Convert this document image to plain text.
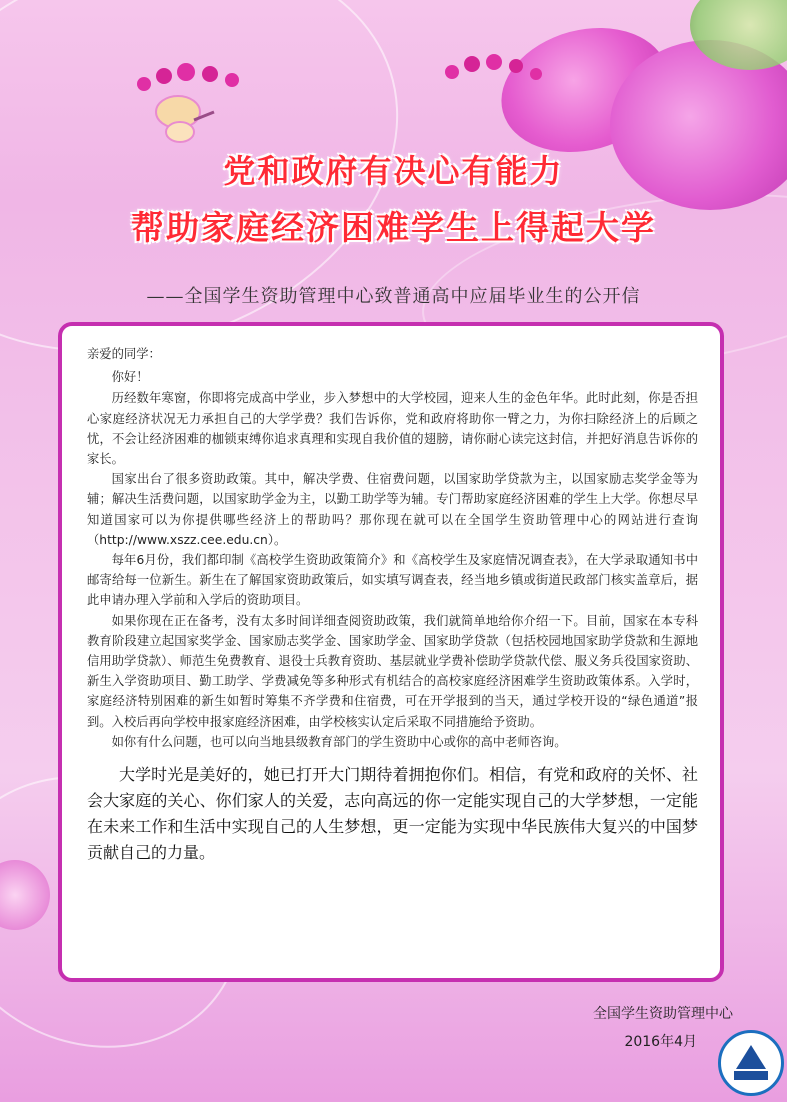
党和政府有决心有能力
帮助家庭经济困难学生上得起大学
——全国学生资助管理中心致普通高中应届毕业生的公开信

亲爱的同学：

你好！

历经数年寒窗，你即将完成高中学业，步入梦想中的大学校园，迎来人生的金色年华。此时此刻，你是否担心家庭经济状况无力承担自己的大学学费？我们告诉你，党和政府将助你一臂之力，为你扫除经济上的后顾之忧，不会让经济困难的枷锁束缚你追求真理和实现自我价值的翅膀，请你耐心读完这封信，并把好消息告诉你的家长。

国家出台了很多资助政策。其中，解决学费、住宿费问题，以国家助学贷款为主，以国家励志奖学金等为辅；解决生活费问题，以国家助学金为主，以勤工助学等为辅。专门帮助家庭经济困难的学生上大学。你想尽早知道国家可以为你提供哪些经济上的帮助吗？那你现在就可以在全国学生资助管理中心的网站进行查询（http://www.xszz.cee.edu.cn）。

每年6月份，我们都印制《高校学生资助政策简介》和《高校学生及家庭情况调查表》，在大学录取通知书中邮寄给每一位新生。新生在了解国家资助政策后，如实填写调查表，经当地乡镇或街道民政部门核实盖章后，据此申请办理入学前和入学后的资助项目。

如果你现在正在备考，没有太多时间详细查阅资助政策，我们就简单地给你介绍一下。目前，国家在本专科教育阶段建立起国家奖学金、国家励志奖学金、国家助学金、国家助学贷款（包括校园地国家助学贷款和生源地信用助学贷款）、师范生免费教育、退役士兵教育资助、基层就业学费补偿助学贷款代偿、服义务兵役国家资助、新生入学资助项目、勤工助学、学费减免等多种形式有机结合的高校家庭经济困难学生资助政策体系。入学时，家庭经济特别困难的新生如暂时筹集不齐学费和住宿费，可在开学报到的当天，通过学校开设的“绿色通道”报到。入校后再向学校申报家庭经济困难，由学校核实认定后采取不同措施给予资助。

如你有什么问题，也可以向当地县级教育部门的学生资助中心或你的高中老师咨询。

大学时光是美好的，她已打开大门期待着拥抱你们。相信，有党和政府的关怀、社会大家庭的关心、你们家人的关爱，志向高远的你一定能实现自己的大学梦想，一定能在未来工作和生活中实现自己的人生梦想，更一定能为实现中华民族伟大复兴的中国梦贡献自己的力量。

全国学生资助管理中心
2016年4月
